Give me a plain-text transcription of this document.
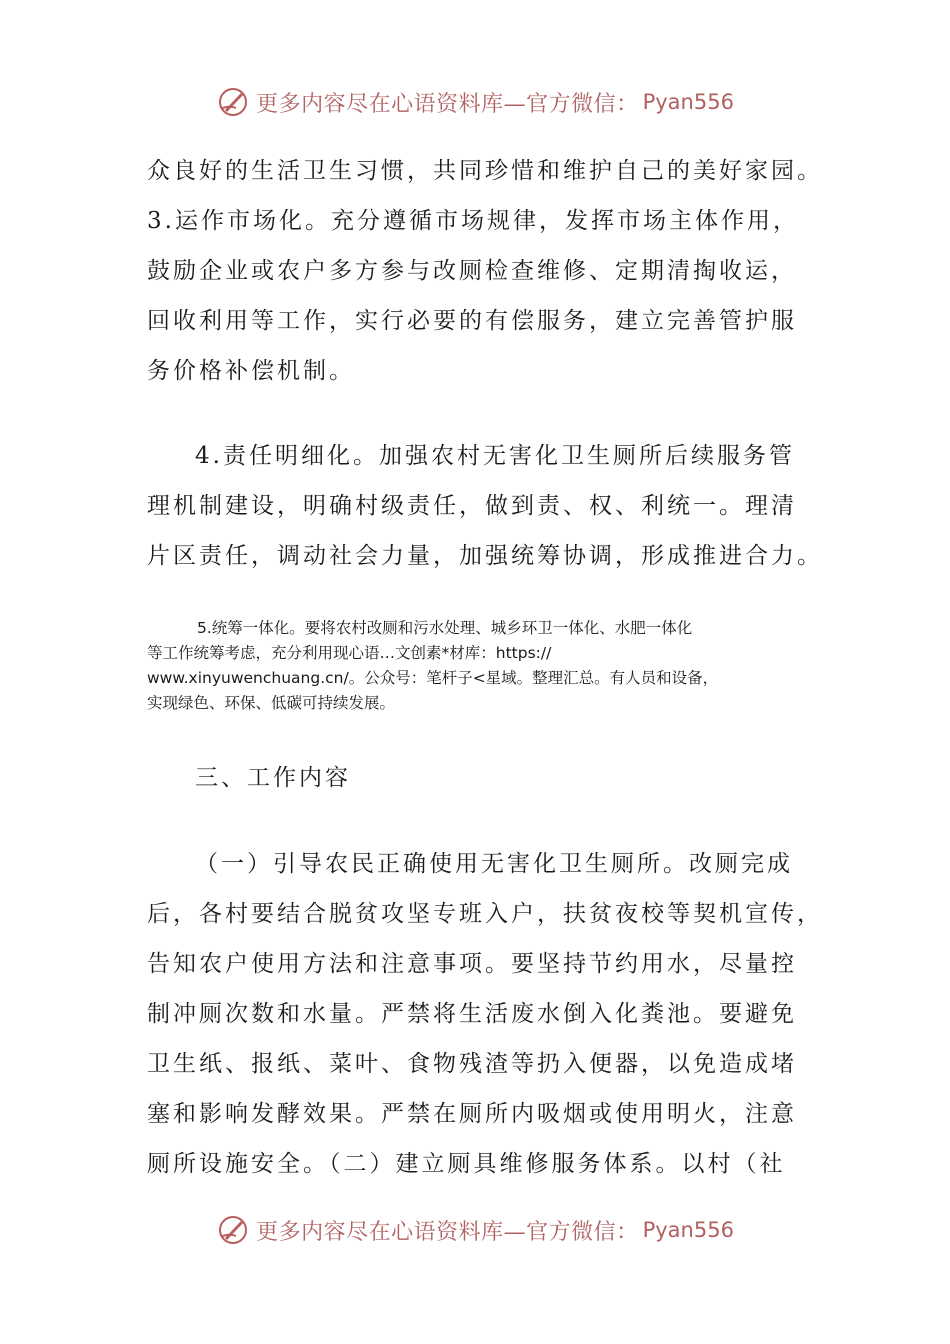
更多内容尽在心语资料库—官方微信： Pyan556
众良好的生活卫生习惯，共同珍惜和维护自己的美好家园。
3.运作市场化。充分遵循市场规律，发挥市场主体作用，
鼓励企业或农户多方参与改厕检查维修、定期清掏收运，
回收利用等工作，实行必要的有偿服务，建立完善管护服
务价格补偿机制。
4.责任明细化。加强农村无害化卫生厕所后续服务管
理机制建设，明确村级责任，做到责、权、利统一。理清
片区责任，调动社会力量，加强统筹协调，形成推进合力。
5.统筹一体化。要将农村改厕和污水处理、城乡环卫一体化、水肥一体化
等工作统筹考虑，充分利用现心语…文创素*材库：https://
www.xinyuwenchuang.cn/。公众号：笔杆子<星域。整理汇总。有人员和设备，
实现绿色、环保、低碳可持续发展。
三、工作内容
（一）引导农民正确使用无害化卫生厕所。改厕完成
后，各村要结合脱贫攻坚专班入户，扶贫夜校等契机宣传，
告知农户使用方法和注意事项。要坚持节约用水，尽量控
制冲厕次数和水量。严禁将生活废水倒入化粪池。要避免
卫生纸、报纸、菜叶、食物残渣等扔入便器，以免造成堵
塞和影响发酵效果。严禁在厕所内吸烟或使用明火，注意
厕所设施安全。（二）建立厕具维修服务体系。以村（社
更多内容尽在心语资料库—官方微信： Pyan556
